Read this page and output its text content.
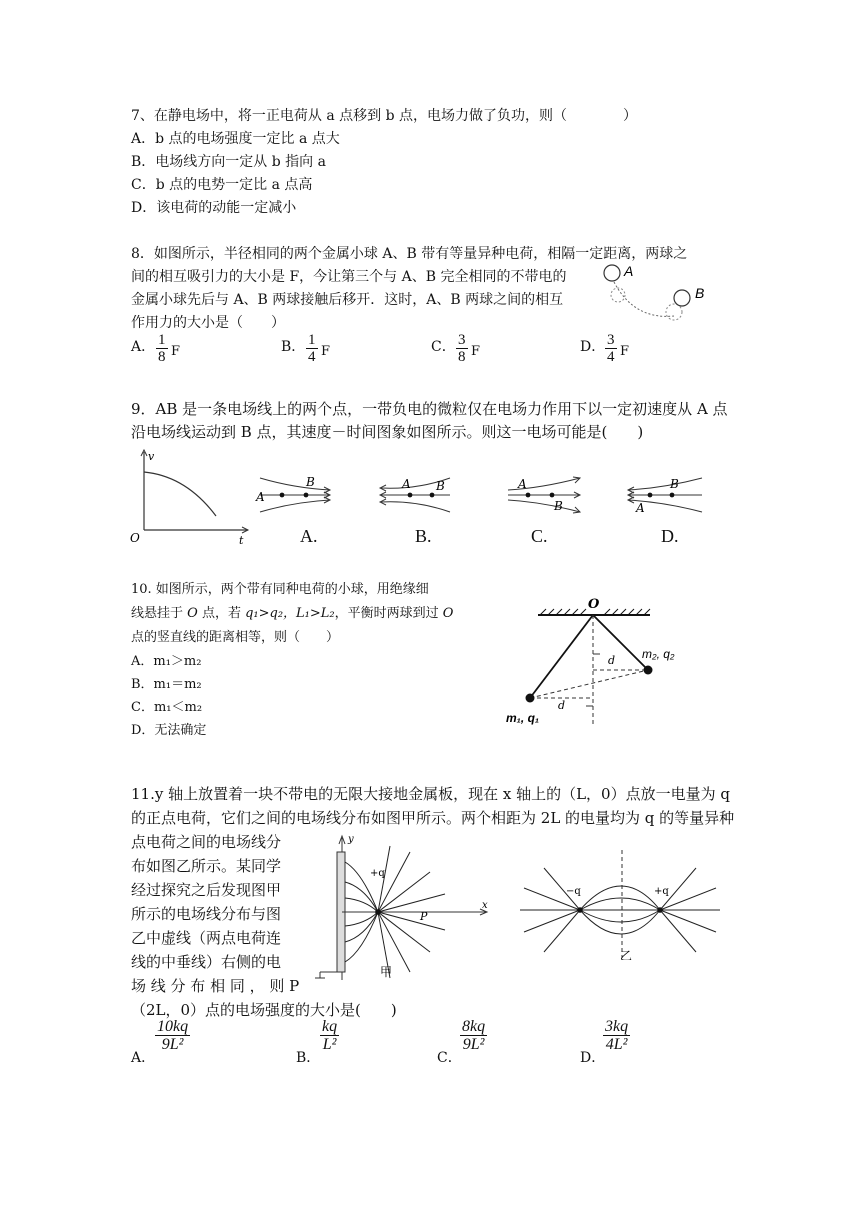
7、在静电场中，将一正电荷从 a 点移到 b 点，电场力做了负功，则（　　　　）
A．b 点的电场强度一定比 a 点大
B．电场线方向一定从 b 指向 a
C．b 点的电势一定比 a 点高
D．该电荷的动能一定减小
8．如图所示，半径相同的两个金属小球 A、B 带有等量异种电荷，相隔一定距离，两球之
间的相互吸引力的大小是 F，今让第三个与 A、B 完全相同的不带电的
金属小球先后与 A、B 两球接触后移开．这时，A、B 两球之间的相互
作用力的大小是（　　）
A
B
A． $\frac{1}{8}$ F	B． $\frac{1}{4}$ F	C． $\frac{3}{8}$ F	D． $\frac{3}{4}$ F
9．AB 是一条电场线上的两个点，一带负电的微粒仅在电场力作用下以一定初速度从 A 点
沿电场线运动到 B 点，其速度－时间图象如图所示。则这一电场可能是(　　)
v
O	t
A
B
A.
A B
B.
A
B
C.
A
B
D.
10. 如图所示，两个带有同种电荷的小球，用绝缘细
线悬挂于 O 点，若 q₁>q₂，L₁>L₂，平衡时两球到过 O
点的竖直线的距离相等，则（　　）
A．m₁＞m₂
B．m₁＝m₂
C．m₁＜m₂
D．无法确定
O
d
d
m₂, q₂
m₁, q₁
11.y 轴上放置着一块不带电的无限大接地金属板，现在 x 轴上的（L，0）点放一电量为 q
的正点电荷，它们之间的电场线分布如图甲所示。两个相距为 2L 的电量均为 q 的等量异种
点电荷之间的电场线分
布如图乙所示。某同学
经过探究之后发现图甲
所示的电场线分布与图
乙中虚线（两点电荷连
线的中垂线）右侧的电
场 线 分 布 相 同 ， 则 P
（2L，0）点的电场强度的大小是(　　)
+q
P
y
x
甲
−q	+q
乙
A．
$\frac{10kq}{\text{9L²}}$
B．
$\frac{kq}{\text{L²}}$
C．
$\frac{8kq}{\text{9L²}}$
D．
$\frac{3kq}{\text{4L²}}$
